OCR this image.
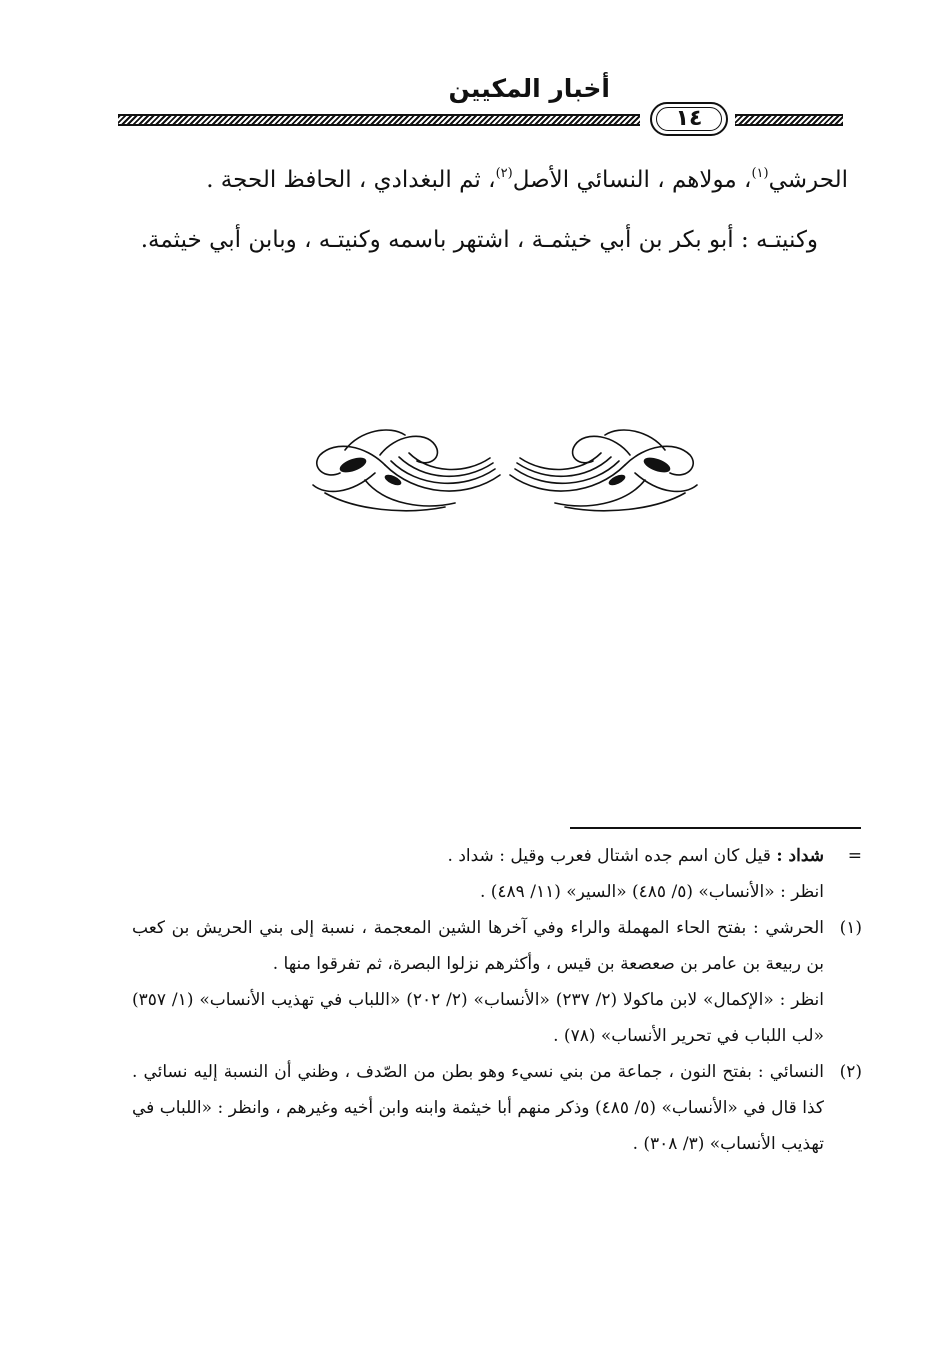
أخبار المكيين
١٤

الحرشي$^{(١)}$، مولاهم ، النسائي الأصل$^{(٢)}$، ثم البغدادي ، الحافظ الحجة .

وكنيتـه : أبو بكر بن أبي خيثمـة ، اشتهر باسمه وكنيتـه ، وبابن أبي خيثمة.

=
شداد : قيل كان اسم جده اشتال فعرب وقيل : شداد .
انظر : «الأنساب» (٥/ ٤٨٥) «السير» (١١/ ٤٨٩) .
(١)
الحرشي : بفتح الحاء المهملة والراء وفي آخرها الشين المعجمة ، نسبة إلى بني الحريش بن كعب بن ربيعة بن عامر بن صعصعة بن قيس ، وأكثرهم نزلوا البصرة، ثم تفرقوا منها .
انظر : «الإكمال» لابن ماكولا (٢/ ٢٣٧) «الأنساب» (٢/ ٢٠٢) «اللباب في تهذيب الأنساب» (١/ ٣٥٧) «لب اللباب في تحرير الأنساب» (٧٨) .
(٢)
النسائي : بفتح النون ، جماعة من بني نسيء وهو بطن من الصّدف ، وظني أن النسبة إليه نسائي . كذا قال في «الأنساب» (٥/ ٤٨٥) وذكر منهم أبا خيثمة وابنه وابن أخيه وغيرهم ، وانظر : «اللباب في تهذيب الأنساب» (٣/ ٣٠٨) .
